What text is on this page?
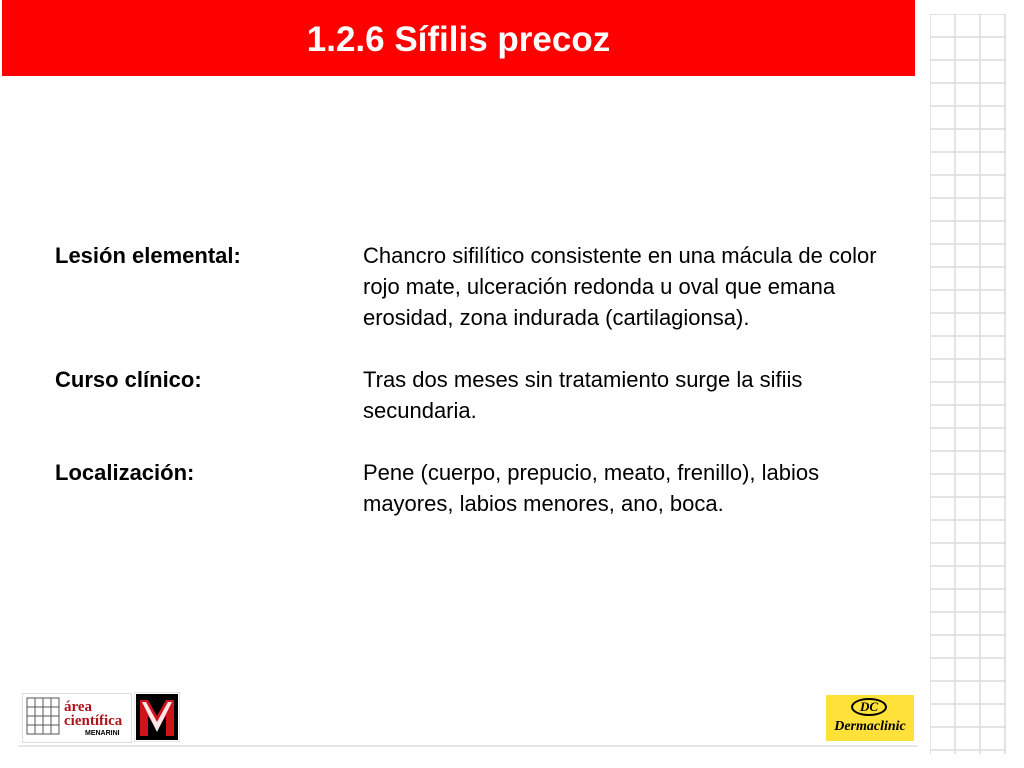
1.2.6 Sífilis precoz
Lesión elemental:	Chancro sifilítico consistente en una mácula de color rojo mate, ulceración redonda u oval que emana erosidad, zona indurada (cartilagionsa).
Curso clínico:	Tras dos meses sin tratamiento surge la sifiis secundaria.
Localización:	Pene (cuerpo, prepucio, meato, frenillo), labios mayores, labios menores, ano, boca.
área
científica
MENARINI
DC
Dermaclinic
